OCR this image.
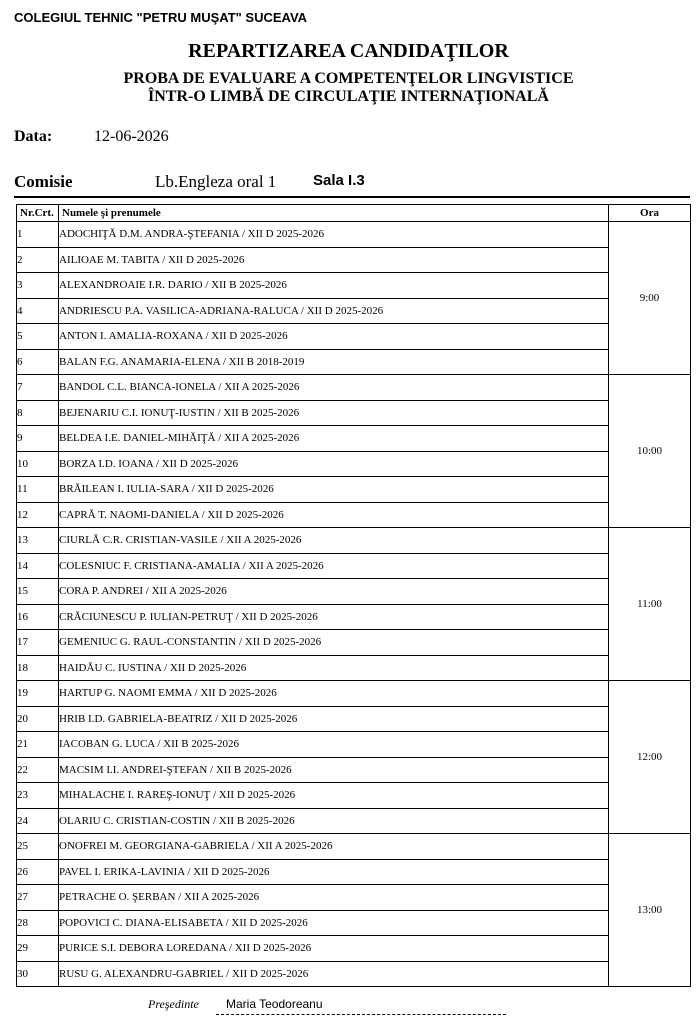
COLEGIUL TEHNIC "PETRU MUŞAT" SUCEAVA
REPARTIZAREA CANDIDAŢILOR
PROBA DE EVALUARE A COMPETENŢELOR LINGVISTICE
ÎNTR-O LIMBĂ DE CIRCULAŢIE INTERNAŢIONALĂ
Data:	12-06-2026
Comisie	Lb.Engleza oral 1 Sala I.3
Nr.Crt.	Numele şi prenumele	Ora
1	ADOCHIŢĂ D.M. ANDRA-ŞTEFANIA / XII D 2025-2026	9:00
2	AILIOAE M. TABITA / XII D 2025-2026	
3	ALEXANDROAIE I.R. DARIO / XII B 2025-2026	
4	ANDRIESCU P.A. VASILICA-ADRIANA-RALUCA / XII D 2025-2026	
5	ANTON I. AMALIA-ROXANA / XII D 2025-2026	
6	BALAN F.G. ANAMARIA-ELENA / XII B 2018-2019	
7	BANDOL C.L. BIANCA-IONELA / XII A 2025-2026	10:00
8	BEJENARIU C.I. IONUŢ-IUSTIN / XII B 2025-2026	
9	BELDEA I.E. DANIEL-MIHĂIŢĂ / XII A 2025-2026	
10	BORZA I.D. IOANA / XII D 2025-2026	
11	BRĂILEAN I. IULIA-SARA / XII D 2025-2026	
12	CAPRĂ T. NAOMI-DANIELA / XII D 2025-2026	
13	CIURLĂ C.R. CRISTIAN-VASILE / XII A 2025-2026	11:00
14	COLESNIUC F. CRISTIANA-AMALIA / XII A 2025-2026	
15	CORA P. ANDREI / XII A 2025-2026	
16	CRĂCIUNESCU P. IULIAN-PETRUŢ / XII D 2025-2026	
17	GEMENIUC G. RAUL-CONSTANTIN / XII D 2025-2026	
18	HAIDĂU C. IUSTINA / XII D 2025-2026	
19	HARTUP G. NAOMI EMMA / XII D 2025-2026	12:00
20	HRIB I.D. GABRIELA-BEATRIZ / XII D 2025-2026	
21	IACOBAN G. LUCA / XII B 2025-2026	
22	MACSIM I.I. ANDREI-ŞTEFAN / XII B 2025-2026	
23	MIHALACHE I. RAREŞ-IONUŢ / XII D 2025-2026	
24	OLARIU C. CRISTIAN-COSTIN / XII B 2025-2026	
25	ONOFREI M. GEORGIANA-GABRIELA / XII A 2025-2026	13:00
26	PAVEL I. ERIKA-LAVINIA / XII D 2025-2026	
27	PETRACHE O. ŞERBAN / XII A 2025-2026	
28	POPOVICI C. DIANA-ELISABETA / XII D 2025-2026	
29	PURICE S.I. DEBORA LOREDANA / XII D 2025-2026	
30	RUSU G. ALEXANDRU-GABRIEL / XII D 2025-2026	
Preşedinte Maria Teodoreanu
